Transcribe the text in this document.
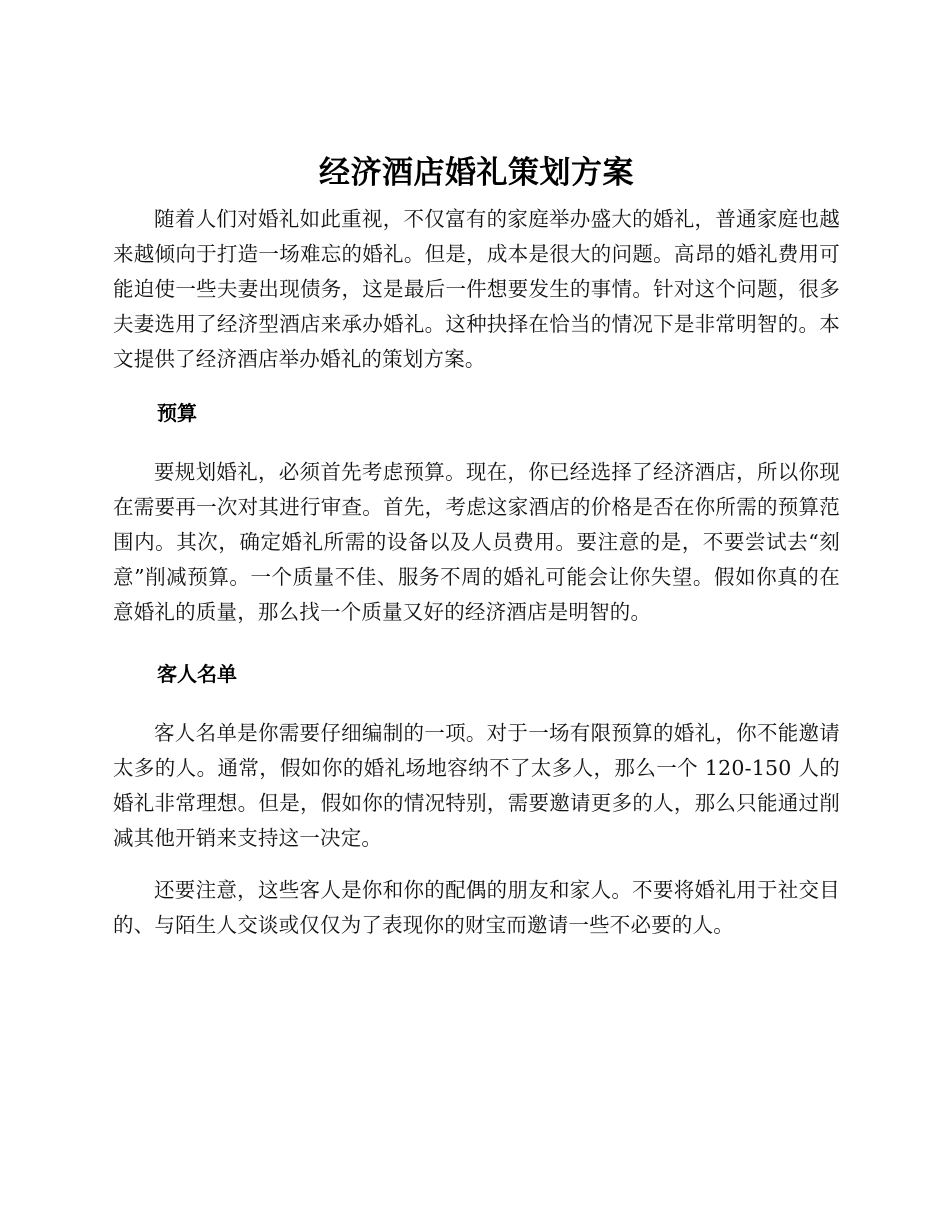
经济酒店婚礼策划方案

随着人们对婚礼如此重视，不仅富有的家庭举办盛大的婚礼，普通家庭也越来越倾向于打造一场难忘的婚礼。但是，成本是很大的问题。高昂的婚礼费用可能迫使一些夫妻出现债务，这是最后一件想要发生的事情。针对这个问题，很多夫妻选用了经济型酒店来承办婚礼。这种抉择在恰当的情况下是非常明智的。本文提供了经济酒店举办婚礼的策划方案。

预算

要规划婚礼，必须首先考虑预算。现在，你已经选择了经济酒店，所以你现在需要再一次对其进行审查。首先，考虑这家酒店的价格是否在你所需的预算范围内。其次，确定婚礼所需的设备以及人员费用。要注意的是，不要尝试去“刻意”削减预算。一个质量不佳、服务不周的婚礼可能会让你失望。假如你真的在意婚礼的质量，那么找一个质量又好的经济酒店是明智的。

客人名单

客人名单是你需要仔细编制的一项。对于一场有限预算的婚礼，你不能邀请太多的人。通常，假如你的婚礼场地容纳不了太多人，那么一个 120-150 人的婚礼非常理想。但是，假如你的情况特别，需要邀请更多的人，那么只能通过削减其他开销来支持这一决定。

还要注意，这些客人是你和你的配偶的朋友和家人。不要将婚礼用于社交目的、与陌生人交谈或仅仅为了表现你的财宝而邀请一些不必要的人。
